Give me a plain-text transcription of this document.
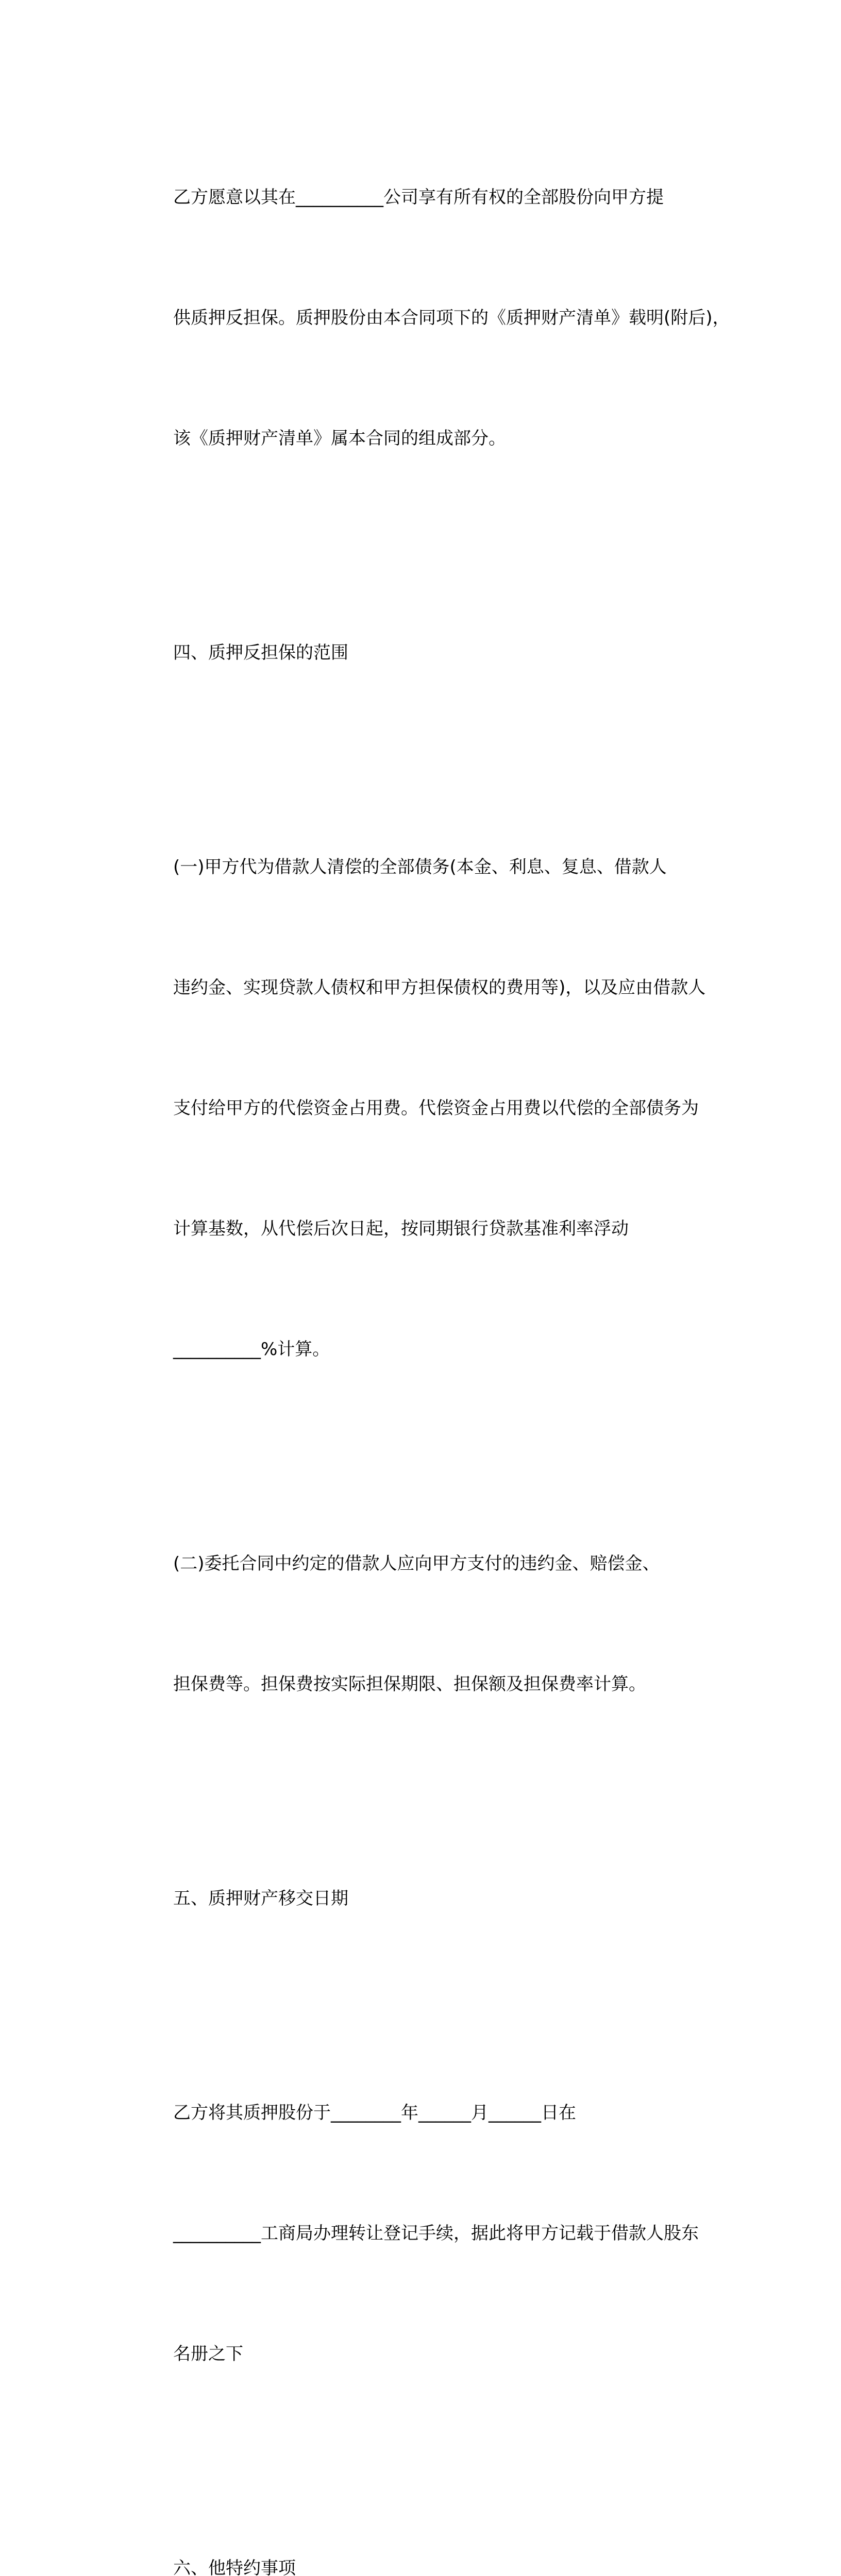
乙方愿意以其在__________公司享有所有权的全部股份向甲方提

供质押反担保。质押股份由本合同项下的《质押财产清单》载明(附后)，

该《质押财产清单》属本合同的组成部分。

四、质押反担保的范围

(一)甲方代为借款人清偿的全部债务(本金、利息、复息、借款人

违约金、实现贷款人债权和甲方担保债权的费用等)，以及应由借款人

支付给甲方的代偿资金占用费。代偿资金占用费以代偿的全部债务为

计算基数，从代偿后次日起，按同期银行贷款基准利率浮动

__________%计算。

(二)委托合同中约定的借款人应向甲方支付的违约金、赔偿金、

担保费等。担保费按实际担保期限、担保额及担保费率计算。

五、质押财产移交日期

乙方将其质押股份于________年______月______日在

__________工商局办理转让登记手续，据此将甲方记载于借款人股东

名册之下

六、他特约事项
